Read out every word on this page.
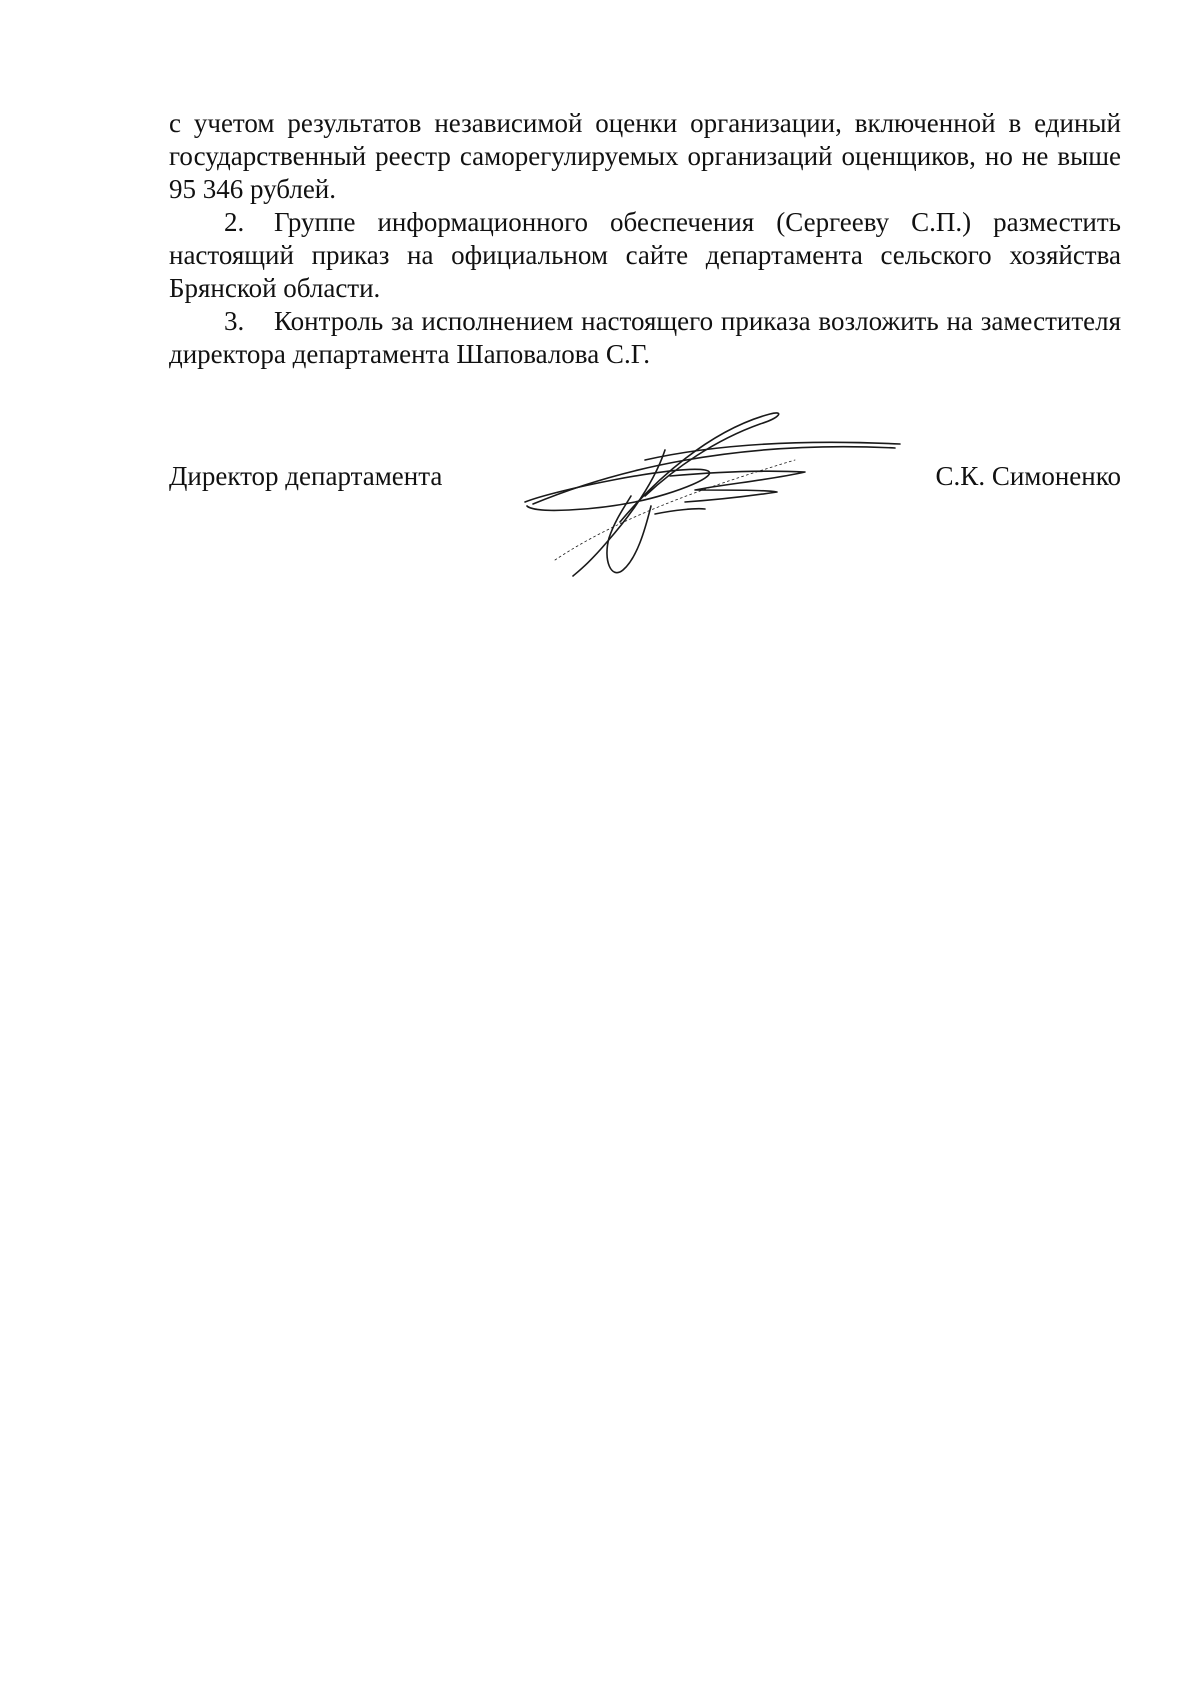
с учетом результатов независимой оценки организации, включенной в единый государственный реестр саморегулируемых организаций оценщиков, но не выше 95 346 рублей.

2. Группе информационного обеспечения (Сергееву С.П.) разместить настоящий приказ на официальном сайте департамента сельского хозяйства Брянской области.

3. Контроль за исполнением настоящего приказа возложить на заместителя директора департамента Шаповалова С.Г.

Директор департамента	С.К. Симоненко
